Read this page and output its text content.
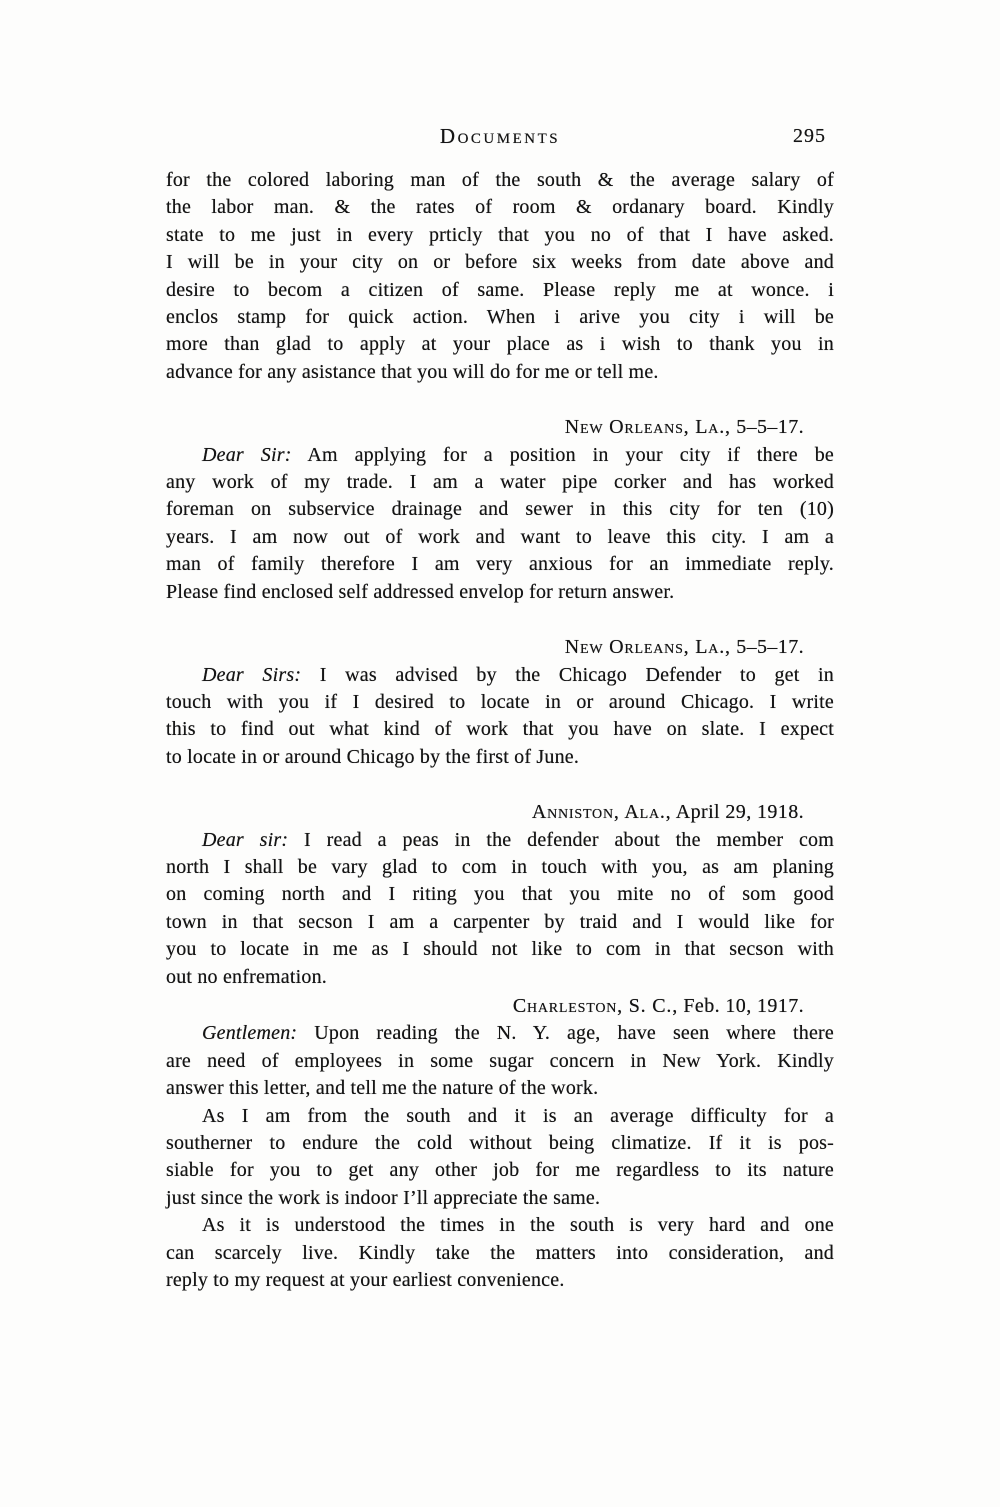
Documents	295
for the colored laboring man of the south & the average salary of
the labor man. & the rates of room & ordanary board. Kindly
state to me just in every prticly that you no of that I have asked.
I will be in your city on or before six weeks from date above and
desire to becom a citizen of same. Please reply me at wonce. i
enclos stamp for quick action. When i arive you city i will be
more than glad to apply at your place as i wish to thank you in
advance for any asistance that you will do for me or tell me.
New Orleans, La., 5–5–17.
Dear Sir: Am applying for a position in your city if there be
any work of my trade. I am a water pipe corker and has worked
foreman on subservice drainage and sewer in this city for ten (10)
years. I am now out of work and want to leave this city. I am a
man of family therefore I am very anxious for an immediate reply.
Please find enclosed self addressed envelop for return answer.
New Orleans, La., 5–5–17.
Dear Sirs: I was advised by the Chicago Defender to get in
touch with you if I desired to locate in or around Chicago. I write
this to find out what kind of work that you have on slate. I expect
to locate in or around Chicago by the first of June.
Anniston, Ala., April 29, 1918.
Dear sir: I read a peas in the defender about the member com
north I shall be vary glad to com in touch with you, as am planing
on coming north and I riting you that you mite no of som good
town in that secson I am a carpenter by traid and I would like for
you to locate in me as I should not like to com in that secson with
out no enfremation.
Charleston, S. C., Feb. 10, 1917.
Gentlemen: Upon reading the N. Y. age, have seen where there
are need of employees in some sugar concern in New York. Kindly
answer this letter, and tell me the nature of the work.
As I am from the south and it is an average difficulty for a
southerner to endure the cold without being climatize. If it is pos-
siable for you to get any other job for me regardless to its nature
just since the work is indoor I’ll appreciate the same.
As it is understood the times in the south is very hard and one
can scarcely live. Kindly take the matters into consideration, and
reply to my request at your earliest convenience.
